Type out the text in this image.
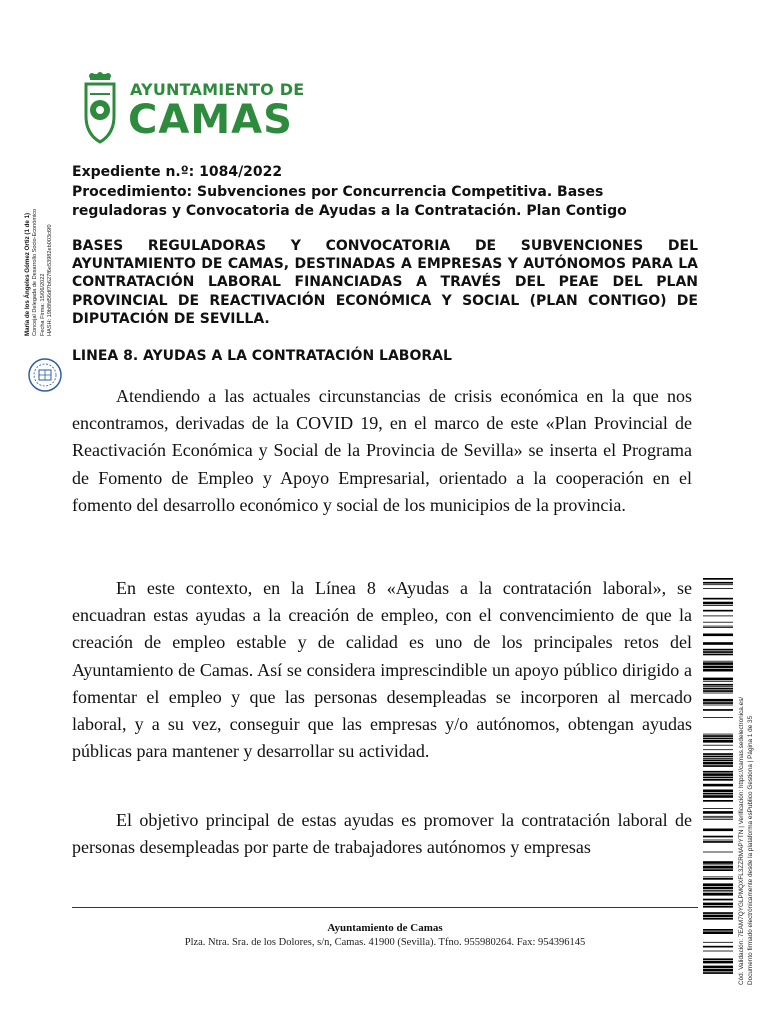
AYUNTAMIENTO DE
CAMAS
María de los Ángeles Gómez Ortiz (1 de 1) Concejal Delegada de Desarrollo Socio-Económico Fecha Firma: 15/06/2022 HASH: 19b8fd56df7b627f6e53982eb003c6f0
Expediente n.º: 1084/2022
Procedimiento: Subvenciones por Concurrencia Competitiva. Bases reguladoras y Convocatoria de Ayudas a la Contratación. Plan Contigo
BASES REGULADORAS Y CONVOCATORIA DE SUBVENCIONES DEL AYUNTAMIENTO DE CAMAS, DESTINADAS A EMPRESAS Y AUTÓNOMOS PARA LA CONTRATACIÓN LABORAL FINANCIADAS A TRAVÉS DEL PEAE DEL PLAN PROVINCIAL DE REACTIVACIÓN ECONÓMICA Y SOCIAL (PLAN CONTIGO) DE DIPUTACIÓN DE SEVILLA.
LINEA 8. AYUDAS A LA CONTRATACIÓN LABORAL
Atendiendo a las actuales circunstancias de crisis económica en la que nos encontramos, derivadas de la COVID 19, en el marco de este «Plan Provincial de Reactivación Económica y Social de la Provincia de Sevilla» se inserta el Programa de Fomento de Empleo y Apoyo Empresarial, orientado a la cooperación en el fomento del desarrollo económico y social de los municipios de la provincia.
En este contexto, en la Línea 8 «Ayudas a la contratación laboral», se encuadran estas ayudas a la creación de empleo, con el convencimiento de que la creación de empleo estable y de calidad es uno de los principales retos del Ayuntamiento de Camas. Así se considera imprescindible un apoyo público dirigido a fomentar el empleo y que las personas desempleadas se incorporen al mercado laboral, y a su vez, conseguir que las empresas y/o autónomos, obtengan ayudas públicas para mantener y desarrollar su actividad.
El objetivo principal de estas ayudas es promover la contratación laboral de personas desempleadas por parte de trabajadores autónomos y empresas
Ayuntamiento de Camas
Plza. Ntra. Sra. de los Dolores, s/n, Camas. 41900 (Sevilla). Tfno. 955980264. Fax: 954396145	Cód. Validación: 7EAM7QYGLPMQXFL3ZZRMAPYTN | Verificación: https://camas.sedelectronica.es/ Documento firmado electrónicamente desde la plataforma esPublico Gestiona | Página 1 de 35
